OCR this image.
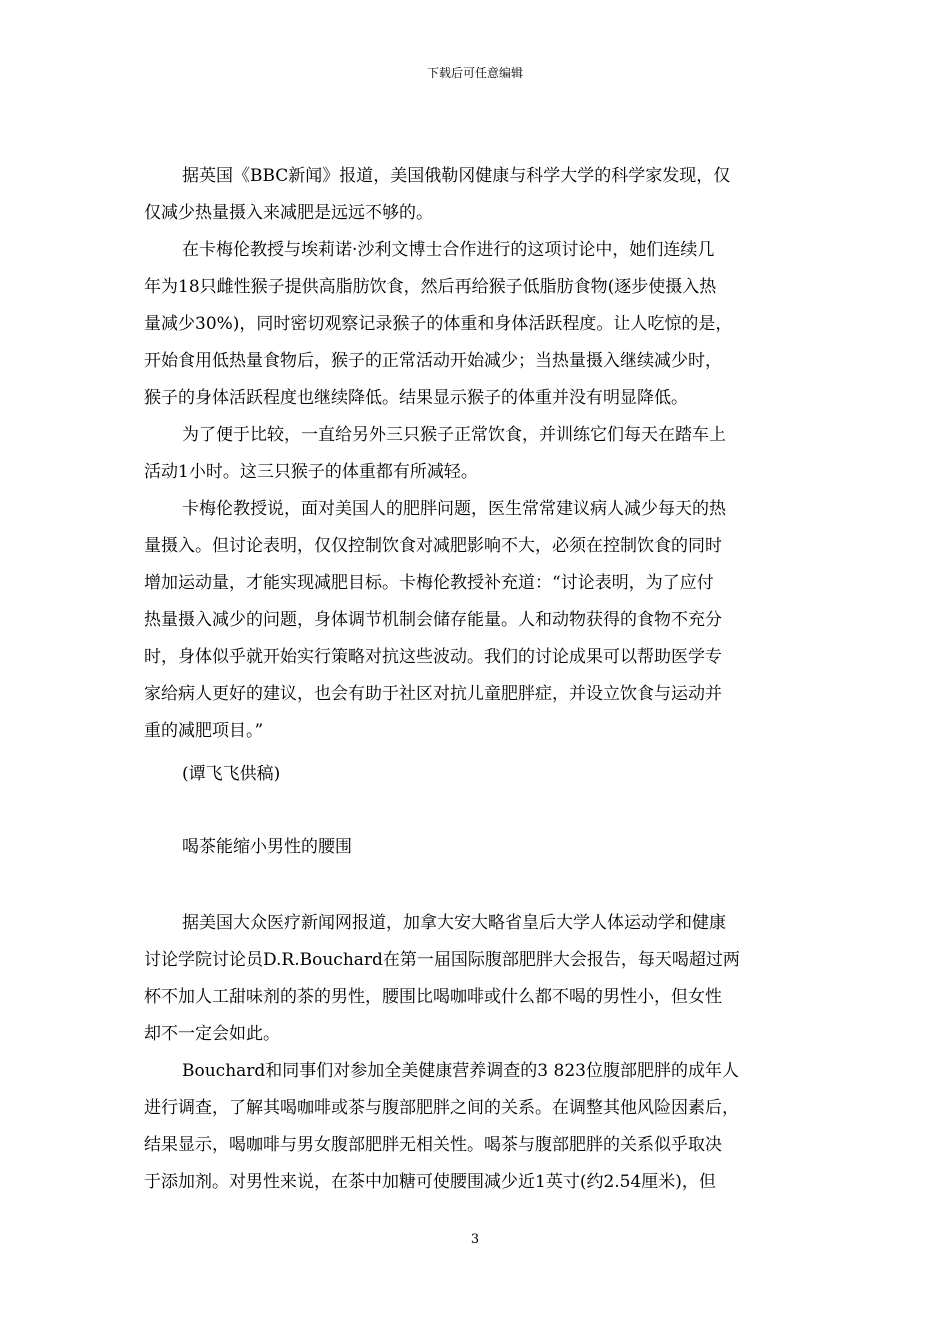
下载后可任意编辑
据英国《BBC新闻》报道，美国俄勒冈健康与科学大学的科学家发现，仅
仅减少热量摄入来减肥是远远不够的。
在卡梅伦教授与埃莉诺·沙利文博士合作进行的这项讨论中，她们连续几
年为18只雌性猴子提供高脂肪饮食，然后再给猴子低脂肪食物(逐步使摄入热
量减少30%)，同时密切观察记录猴子的体重和身体活跃程度。让人吃惊的是，
开始食用低热量食物后，猴子的正常活动开始减少；当热量摄入继续减少时，
猴子的身体活跃程度也继续降低。结果显示猴子的体重并没有明显降低。
为了便于比较，一直给另外三只猴子正常饮食，并训练它们每天在踏车上
活动1小时。这三只猴子的体重都有所减轻。
卡梅伦教授说，面对美国人的肥胖问题，医生常常建议病人减少每天的热
量摄入。但讨论表明，仅仅控制饮食对减肥影响不大，必须在控制饮食的同时
增加运动量，才能实现减肥目标。卡梅伦教授补充道：“讨论表明，为了应付
热量摄入减少的问题，身体调节机制会储存能量。人和动物获得的食物不充分
时，身体似乎就开始实行策略对抗这些波动。我们的讨论成果可以帮助医学专
家给病人更好的建议，也会有助于社区对抗儿童肥胖症，并设立饮食与运动并
重的减肥项目。”
(谭飞飞供稿)
喝茶能缩小男性的腰围
据美国大众医疗新闻网报道，加拿大安大略省皇后大学人体运动学和健康
讨论学院讨论员D.R.Bouchard在第一届国际腹部肥胖大会报告，每天喝超过两
杯不加人工甜味剂的茶的男性，腰围比喝咖啡或什么都不喝的男性小，但女性
却不一定会如此。
Bouchard和同事们对参加全美健康营养调查的3 823位腹部肥胖的成年人
进行调查，了解其喝咖啡或茶与腹部肥胖之间的关系。在调整其他风险因素后，
结果显示，喝咖啡与男女腹部肥胖无相关性。喝茶与腹部肥胖的关系似乎取决
于添加剂。对男性来说，在茶中加糖可使腰围减少近1英寸(约2.54厘米)，但
3
